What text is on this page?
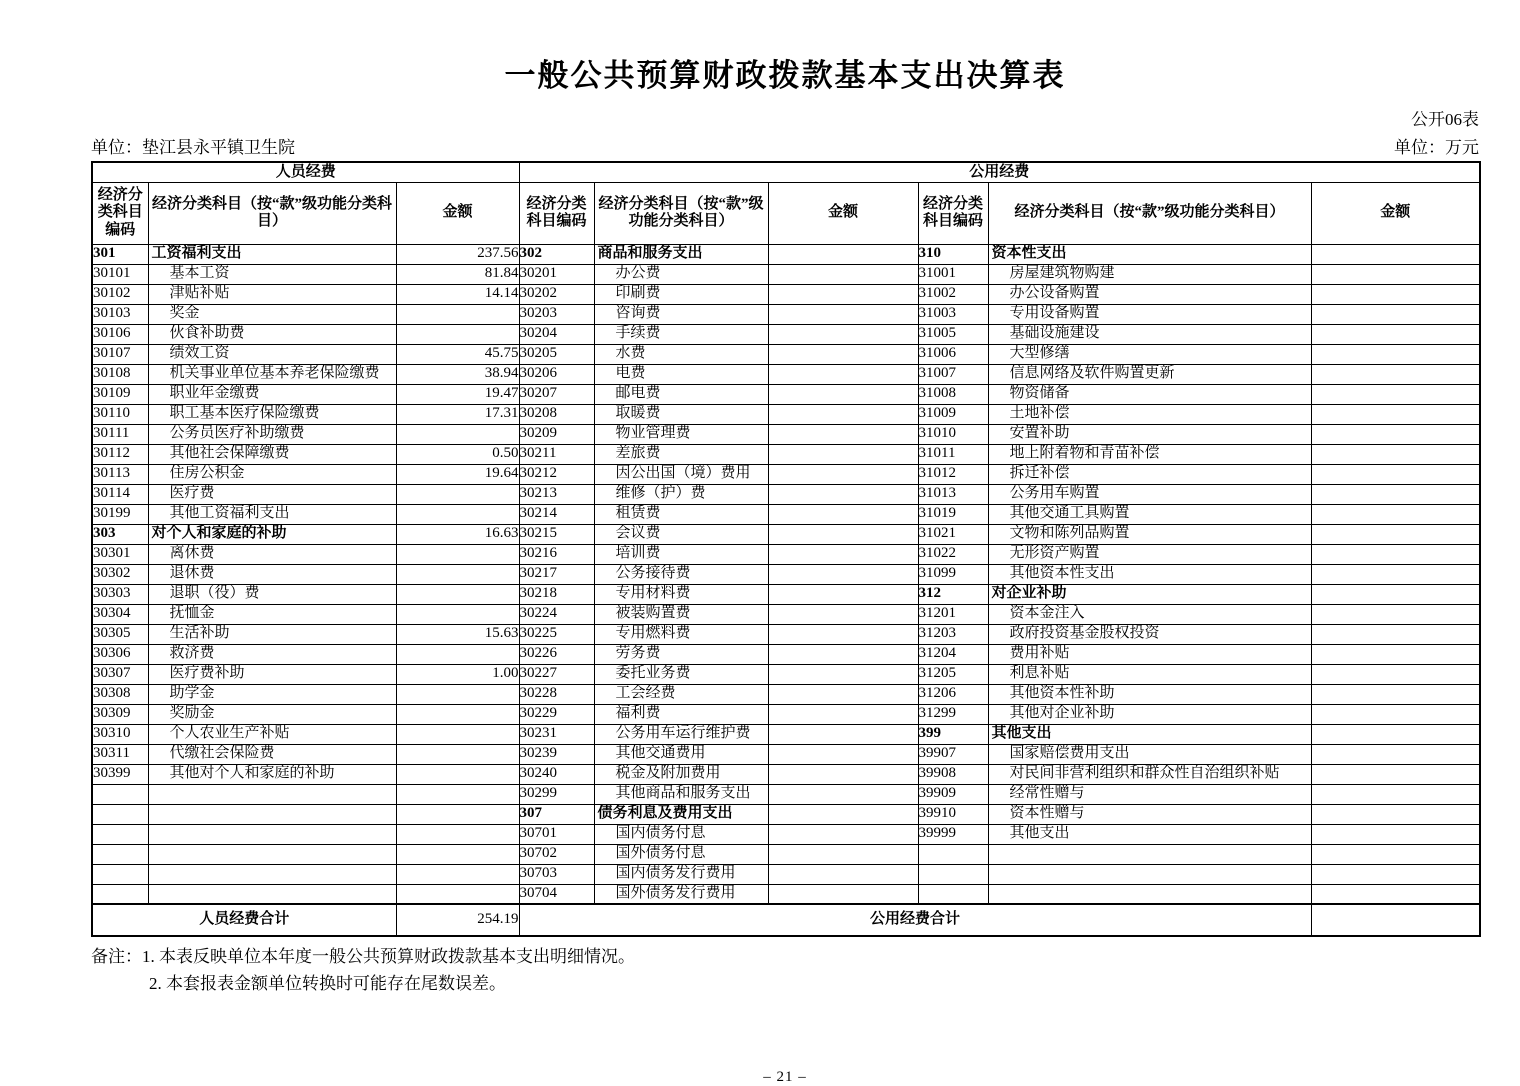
一般公共预算财政拨款基本支出决算表
公开06表
单位：垫江县永平镇卫生院	单位：万元
人员经费			公用经费					
经济分类科目编码	经济分类科目（按“款”级功能分类科目）	金额	经济分类科目编码	经济分类科目（按“款”级功能分类科目）	金额	经济分类科目编码	经济分类科目（按“款”级功能分类科目）	金额
301	工资福利支出	237.56	302	商品和服务支出		310	资本性支出	
30101	基本工资	81.84	30201	办公费		31001	房屋建筑物购建	
30102	津贴补贴	14.14	30202	印刷费		31002	办公设备购置	
30103	奖金		30203	咨询费		31003	专用设备购置	
30106	伙食补助费		30204	手续费		31005	基础设施建设	
30107	绩效工资	45.75	30205	水费		31006	大型修缮	
30108	机关事业单位基本养老保险缴费	38.94	30206	电费		31007	信息网络及软件购置更新	
30109	职业年金缴费	19.47	30207	邮电费		31008	物资储备	
30110	职工基本医疗保险缴费	17.31	30208	取暖费		31009	土地补偿	
30111	公务员医疗补助缴费		30209	物业管理费		31010	安置补助	
30112	其他社会保障缴费	0.50	30211	差旅费		31011	地上附着物和青苗补偿	
30113	住房公积金	19.64	30212	因公出国（境）费用		31012	拆迁补偿	
30114	医疗费		30213	维修（护）费		31013	公务用车购置	
30199	其他工资福利支出		30214	租赁费		31019	其他交通工具购置	
303	对个人和家庭的补助	16.63	30215	会议费		31021	文物和陈列品购置	
30301	离休费		30216	培训费		31022	无形资产购置	
30302	退休费		30217	公务接待费		31099	其他资本性支出	
30303	退职（役）费		30218	专用材料费		312	对企业补助	
30304	抚恤金		30224	被装购置费		31201	资本金注入	
30305	生活补助	15.63	30225	专用燃料费		31203	政府投资基金股权投资	
30306	救济费		30226	劳务费		31204	费用补贴	
30307	医疗费补助	1.00	30227	委托业务费		31205	利息补贴	
30308	助学金		30228	工会经费		31206	其他资本性补助	
30309	奖励金		30229	福利费		31299	其他对企业补助	
30310	个人农业生产补贴		30231	公务用车运行维护费		399	其他支出	
30311	代缴社会保险费		30239	其他交通费用		39907	国家赔偿费用支出	
30399	其他对个人和家庭的补助		30240	税金及附加费用		39908	对民间非营利组织和群众性自治组织补贴	
			30299	其他商品和服务支出		39909	经常性赠与	
			307	债务利息及费用支出		39910	资本性赠与	
			30701	国内债务付息		39999	其他支出	
			30702	国外债务付息				
			30703	国内债务发行费用				
			30704	国外债务发行费用				
人员经费合计		254.19	公用经费合计					
备注：1. 本表反映单位本年度一般公共预算财政拨款基本支出明细情况。
2. 本套报表金额单位转换时可能存在尾数误差。
– 21 –
